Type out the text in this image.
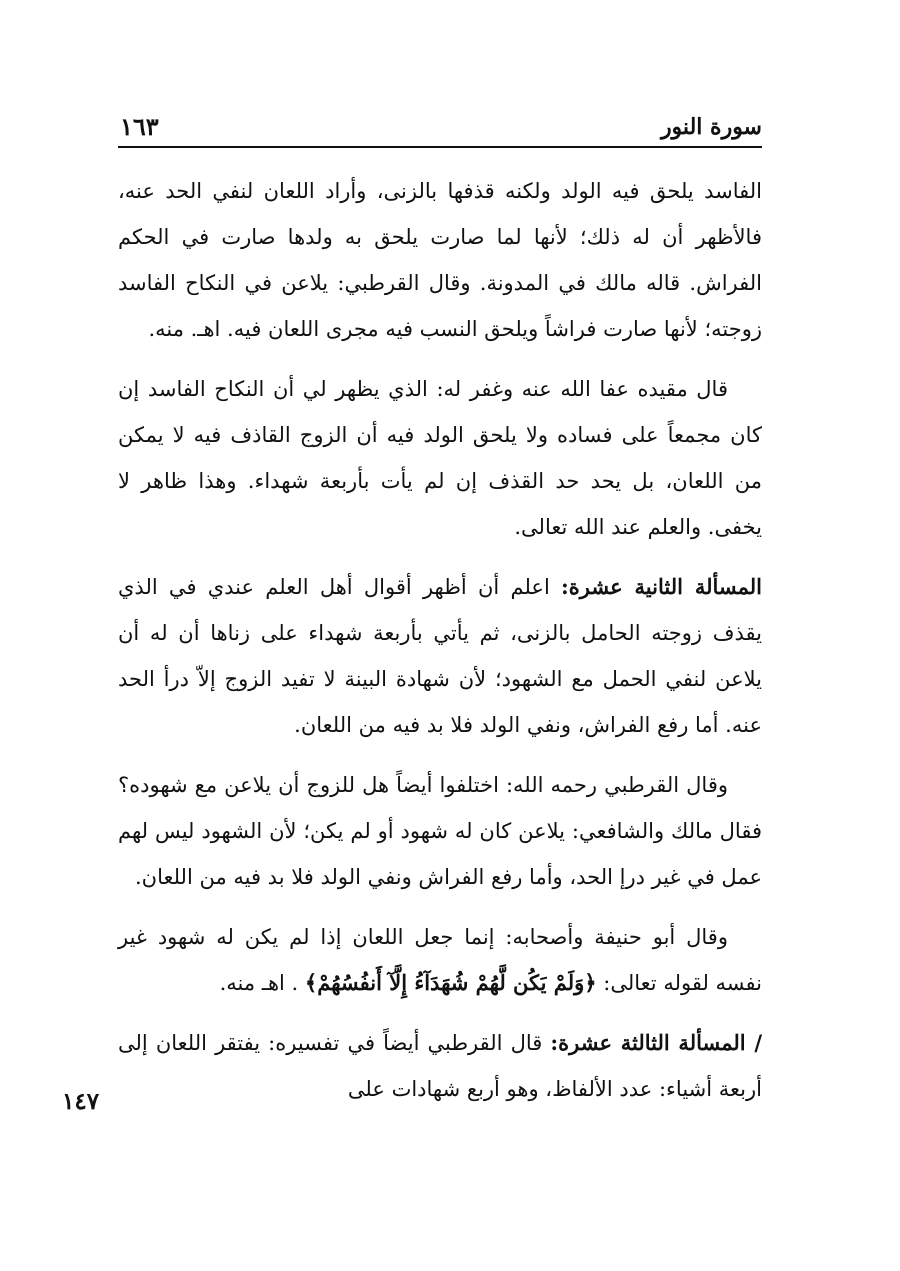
سورة النور
١٦٣

الفاسد يلحق فيه الولد ولكنه قذفها بالزنى، وأراد اللعان لنفي الحد عنه، فالأظهر أن له ذلك؛ لأنها لما صارت يلحق به ولدها صارت في الحكم الفراش. قاله مالك في المدونة. وقال القرطبي: يلاعن في النكاح الفاسد زوجته؛ لأنها صارت فراشاً ويلحق النسب فيه مجرى اللعان فيه. اهـ. منه.

قال مقيده عفا الله عنه وغفر له: الذي يظهر لي أن النكاح الفاسد إن كان مجمعاً على فساده ولا يلحق الولد فيه أن الزوج القاذف فيه لا يمكن من اللعان، بل يحد حد القذف إن لم يأت بأربعة شهداء. وهذا ظاهر لا يخفى. والعلم عند الله تعالى.

المسألة الثانية عشرة: اعلم أن أظهر أقوال أهل العلم عندي في الذي يقذف زوجته الحامل بالزنى، ثم يأتي بأربعة شهداء على زناها أن له أن يلاعن لنفي الحمل مع الشهود؛ لأن شهادة البينة لا تفيد الزوج إلاّ درأ الحد عنه. أما رفع الفراش، ونفي الولد فلا بد فيه من اللعان.

وقال القرطبي رحمه الله: اختلفوا أيضاً هل للزوج أن يلاعن مع شهوده؟ فقال مالك والشافعي: يلاعن كان له شهود أو لم يكن؛ لأن الشهود ليس لهم عمل في غير درإ الحد، وأما رفع الفراش ونفي الولد فلا بد فيه من اللعان.

وقال أبو حنيفة وأصحابه: إنما جعل اللعان إذا لم يكن له شهود غير نفسه لقوله تعالى: ﴿وَلَمْ يَكُن لَّهُمْ شُهَدَآءُ إِلَّآ أَنفُسُهُمْ﴾ . اهـ منه.

/ المسألة الثالثة عشرة: قال القرطبي أيضاً في تفسيره: يفتقر اللعان إلى أربعة أشياء: عدد الألفاظ، وهو أربع شهادات على

١٤٧
